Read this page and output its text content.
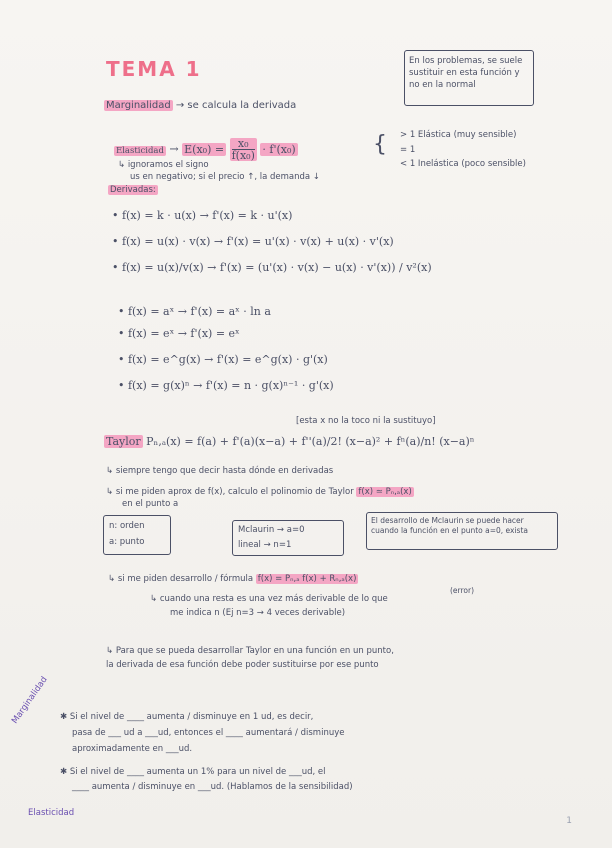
TEMA 1	En los problemas, se suele sustituir en esta función y no en la normal
Marginalidad → se calcula la derivada
Elasticidad → $E(x_0) = \frac{\text{x₀}}{\text{f(x₀)}} \cdot f'(x_0)$	{ > 1 Elástica (muy sensible)
= 1
< 1 Inelástica (poco sensible)
↳ ignoramos el signo
us en negativo; si el precio ↑, la demanda ↓
Derivadas:
• f(x) = k · u(x) → f'(x) = k · u'(x)
• f(x) = u(x) · v(x) → f'(x) = u'(x) · v(x) + u(x) · v'(x)
• f(x) = u(x)/v(x) → f'(x) = (u'(x) · v(x) − u(x) · v'(x)) / v²(x)
• f(x) = aˣ → f'(x) = aˣ · ln a
• f(x) = eˣ → f'(x) = eˣ
• f(x) = e^g(x) → f'(x) = e^g(x) · g'(x)
• f(x) = g(x)ⁿ → f'(x) = n · g(x)ⁿ⁻¹ · g'(x)
[esta x no la toco ni la sustituyo]
Taylor Pₙ,ₐ(x) = f(a) + f'(a)(x−a) + f''(a)/2! (x−a)² + fⁿ(a)/n! (x−a)ⁿ
↳ siempre tengo que decir hasta dónde en derivadas
↳ si me piden aprox de f(x), calculo el polinomio de Taylor f(x) ≃ Pₙ,ₐ(x)
en el punto a
n: orden
a: punto
Mclaurin → a=0
lineal → n=1
El desarrollo de Mclaurin se puede hacer cuando la función en el punto a=0, exista
↳ si me piden desarrollo / fórmula f(x) = Pₙ,ₐ f(x) + Rₙ,ₐ(x)
(error)
↳ cuando una resta es una vez más derivable de lo que
me indica n (Ej n=3 → 4 veces derivable)
↳ Para que se pueda desarrollar Taylor en una función en un punto,
la derivada de esa función debe poder sustituirse por ese punto
Marginalidad
Elasticidad
✱ Si el nivel de ____ aumenta / disminuye en 1 ud, es decir,
pasa de ___ ud a ___ud, entonces el ____ aumentará / disminuye
aproximadamente en ___ud.
✱ Si el nivel de ____ aumenta un 1% para un nivel de ___ud, el
____ aumenta / disminuye en ___ud. (Hablamos de la sensibilidad)
1
